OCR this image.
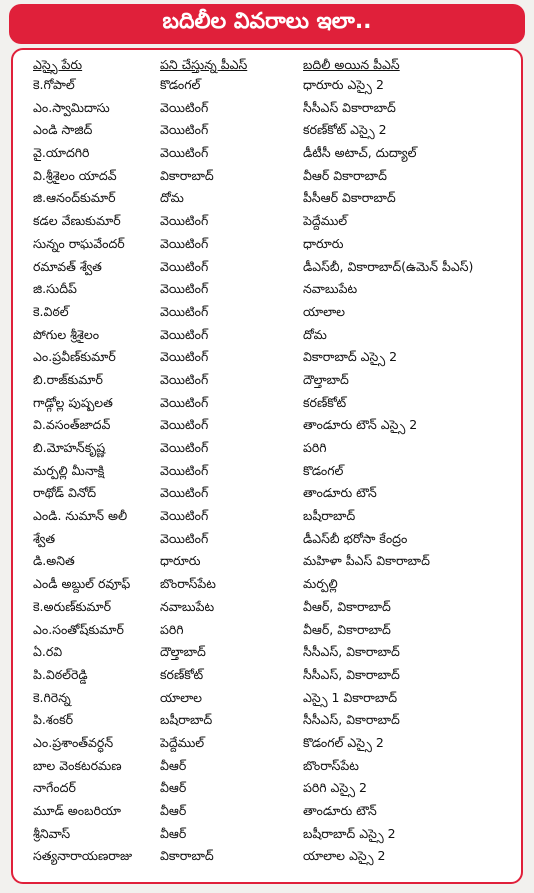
బదిలీల వివరాలు ఇలా..
ఎస్సై పేరు	పని చేస్తున్న పీఎస్	బదిలీ అయిన పీఎస్
కె.గోపాల్	కొడంగల్	ధారూరు ఎస్సై 2
ఎం.స్వామిదాసు	వెయిటింగ్	సీసీఎస్ వికారాబాద్
ఎండి సాజిద్	వెయిటింగ్	కరణ్‌కోట్ ఎస్సై 2
వై.యాదగిరి	వెయిటింగ్	డీటీసీ అటాచ్, దుద్యాల్
వి.శ్రీశైలం యాదవ్	వికారాబాద్	వీఆర్ వికారాబాద్
జి.ఆనంద్‌కుమార్	దోమ	పీసీఆర్ వికారాబాద్
కడల వేణుకుమార్	వెయిటింగ్	పెద్దేముల్
సున్నం రాఘవేందర్	వెయిటింగ్	ధారూరు
రమావత్ శ్వేత	వెయిటింగ్	డీఎస్‌బీ, వికారాబాద్(ఉమెన్ పీఎస్)
జి.సుదీప్	వెయిటింగ్	నవాబుపేట
కె.విఠల్	వెయిటింగ్	యాలాల
పోగుల శ్రీశైలం	వెయిటింగ్	దోమ
ఎం.ప్రవీణ్‌కుమార్	వెయిటింగ్	వికారాబాద్ ఎస్సై 2
బి.రాజ్‌కుమార్	వెయిటింగ్	దౌల్తాబాద్
గాడ్గోల్ల పుష్పలత	వెయిటింగ్	కరణ్‌కోట్
వి.వసంత్‌జాదవ్	వెయిటింగ్	తాండూరు టౌన్ ఎస్సై 2
బి.మోహన్‌కృష్ణ	వెయిటింగ్	పరిగి
మర్పల్లి మీనాక్షి	వెయిటింగ్	కొడంగల్
రాథోడ్ వినోద్	వెయిటింగ్	తాండూరు టౌన్
ఎండి. నుమాన్ అలీ	వెయిటింగ్	బషీరాబాద్
శ్వేత	వెయిటింగ్	డీఎస్‌బీ భరోసా కేంద్రం
డి.అనిత	ధారూరు	మహిళా పీఎస్ వికారాబాద్
ఎండీ అబ్దుల్ రవూఫ్	బొంరాస్‌పేట	మర్పల్లి
కె.అరుణ్‌కుమార్	నవాబుపేట	వీఆర్, వికారాబాద్
ఎం.సంతోష్‌కుమార్	పరిగి	వీఆర్, వికారాబాద్
ఏ.రవి	దౌల్తాబాద్	సీసీఎస్, వికారాబాద్
పి.విఠల్‌రెడ్డి	కరణ్‌కోట్	సీసీఎస్, వికారాబాద్
కె.గిరెన్న	యాలాల	ఎస్సై 1 వికారాబాద్
పి.శంకర్	బషీరాబాద్	సీసీఎస్, వికారాబాద్
ఎం.ప్రశాంత్‌వర్ధన్	పెద్దేముల్	కొడంగల్ ఎస్సై 2
బాల వెంకటరమణ	వీఆర్	బొంరాస్‌పేట
నాగేందర్	వీఆర్	పరిగి ఎస్సై 2
మూడ్ అంబరియా	వీఆర్	తాండూరు టౌన్
శ్రీనివాస్	వీఆర్	బషీరాబాద్ ఎస్సై 2
సత్యనారాయణరాజు	వికారాబాద్	యాలాల ఎస్సై 2
